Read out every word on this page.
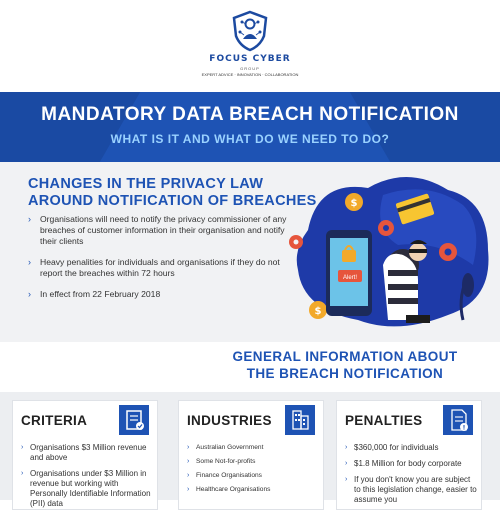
FOCUS CYBER
GROUP
EXPERT ADVICE · INNOVATION · COLLABORATION
MANDATORY DATA BREACH NOTIFICATION
WHAT IS IT AND WHAT DO WE NEED TO DO?
CHANGES IN THE PRIVACY LAW
AROUND NOTIFICATION OF BREACHES
› Organisations will need to notify the privacy commissioner of any breaches of customer information in their organisation and notify their clients
› Heavy penalities for individuals and organisations if they do not report the breaches within 72 hours
› In effect from 22 February 2018
$
$
Alert!
GENERAL INFORMATION ABOUT
THE BREACH NOTIFICATION
CRITERIA
› Organisations $3 Million revenue and above
› Organisations under $3 Million in revenue but working with Personally Identifiable Information (PII) data
INDUSTRIES
› Australian Government
› Some Not-for-profits
› Finance Organisations
› Healthcare Organisations
PENALTIES	!
› $360,000 for individuals
› $1.8 Million for body corporate
› If you don't know you are subject to this legislation change, easier to assume you
